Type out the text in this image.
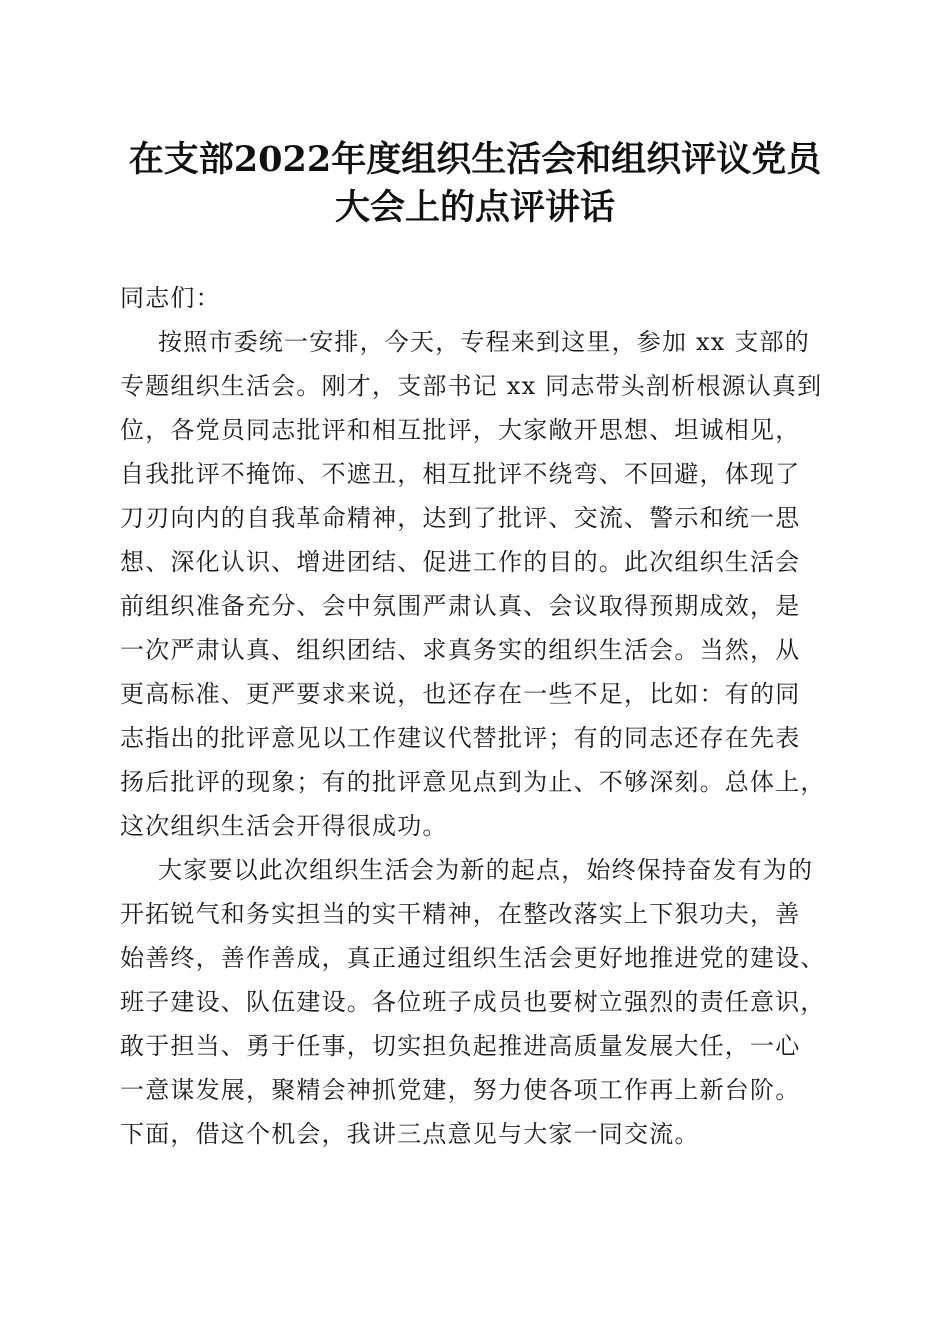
在支部2022年度组织生活会和组织评议党员
大会上的点评讲话
同志们：
按照市委统一安排，今天，专程来到这里，参加 xx 支部的
专题组织生活会。刚才，支部书记 xx 同志带头剖析根源认真到
位，各党员同志批评和相互批评，大家敞开思想、坦诚相见，
自我批评不掩饰、不遮丑，相互批评不绕弯、不回避，体现了
刀刃向内的自我革命精神，达到了批评、交流、警示和统一思
想、深化认识、增进团结、促进工作的目的。此次组织生活会
前组织准备充分、会中氛围严肃认真、会议取得预期成效，是
一次严肃认真、组织团结、求真务实的组织生活会。当然，从
更高标准、更严要求来说，也还存在一些不足，比如：有的同
志指出的批评意见以工作建议代替批评；有的同志还存在先表
扬后批评的现象；有的批评意见点到为止、不够深刻。总体上，
这次组织生活会开得很成功。
大家要以此次组织生活会为新的起点，始终保持奋发有为的
开拓锐气和务实担当的实干精神，在整改落实上下狠功夫，善
始善终，善作善成，真正通过组织生活会更好地推进党的建设、
班子建设、队伍建设。各位班子成员也要树立强烈的责任意识，
敢于担当、勇于任事，切实担负起推进高质量发展大任，一心
一意谋发展，聚精会神抓党建，努力使各项工作再上新台阶。
下面，借这个机会，我讲三点意见与大家一同交流。
